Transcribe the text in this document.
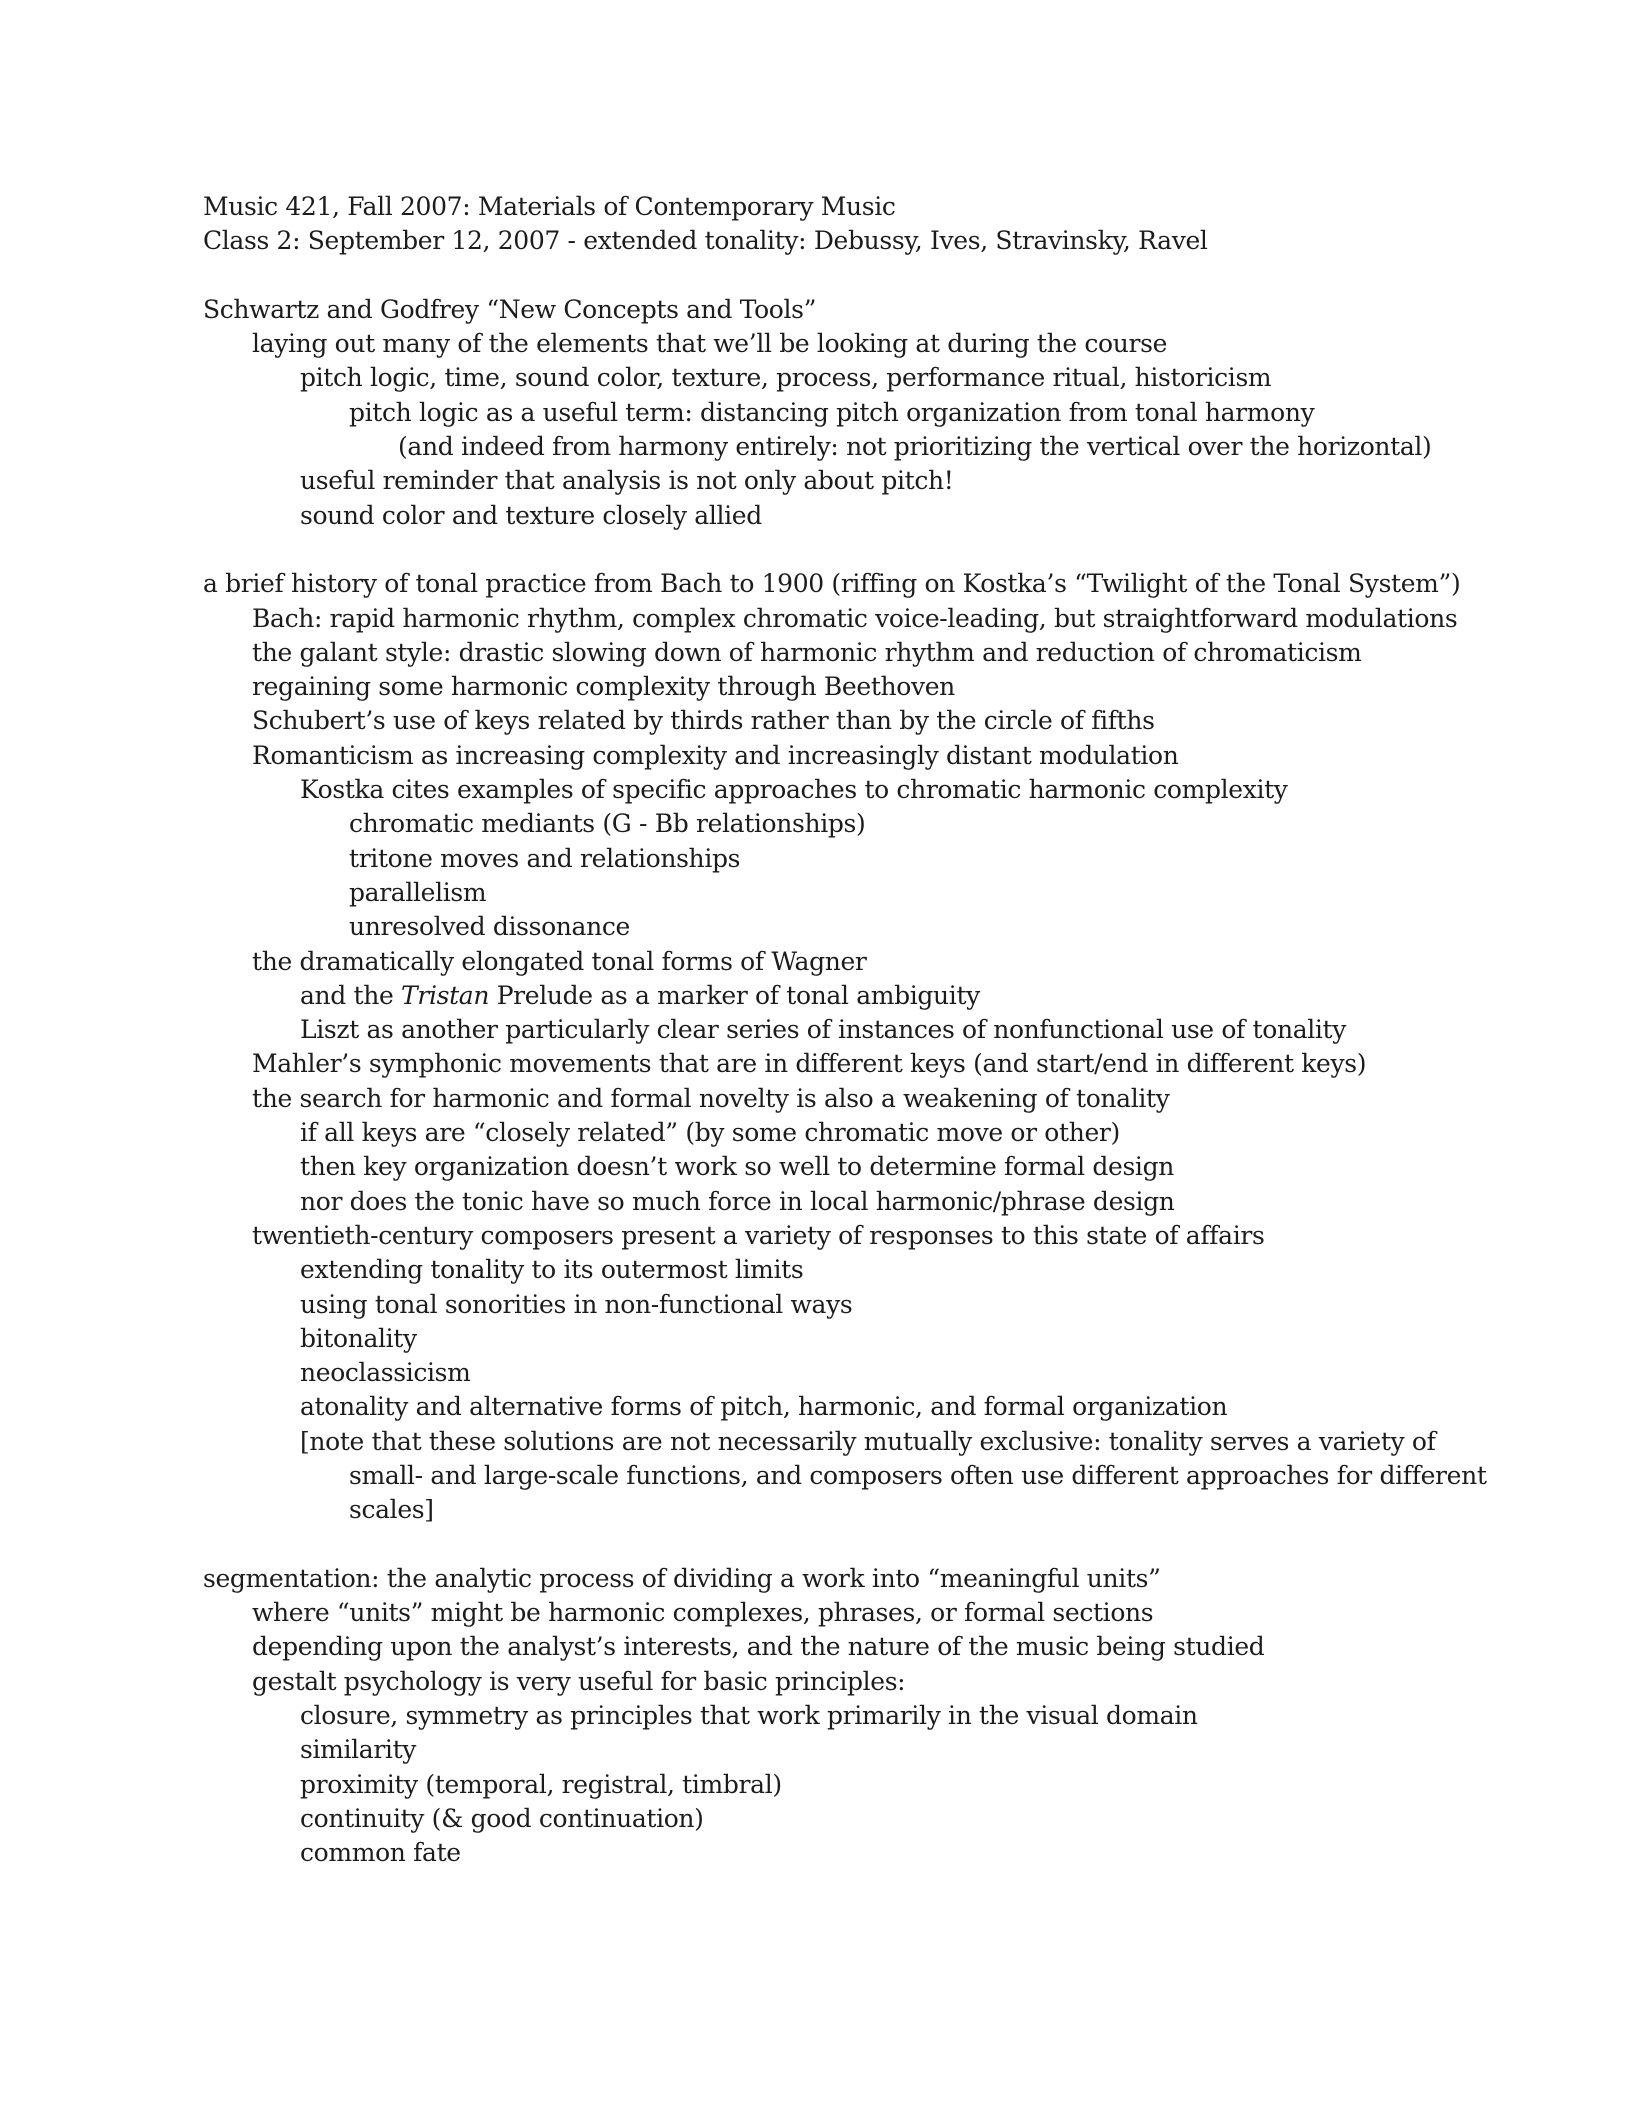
Music 421, Fall 2007: Materials of Contemporary Music
Class 2: September 12, 2007 - extended tonality: Debussy, Ives, Stravinsky, Ravel
Schwartz and Godfrey “New Concepts and Tools”
laying out many of the elements that we’ll be looking at during the course
pitch logic, time, sound color, texture, process, performance ritual, historicism
pitch logic as a useful term: distancing pitch organization from tonal harmony
(and indeed from harmony entirely: not prioritizing the vertical over the horizontal)
useful reminder that analysis is not only about pitch!
sound color and texture closely allied
a brief history of tonal practice from Bach to 1900 (riffing on Kostka’s “Twilight of the Tonal System”)
Bach: rapid harmonic rhythm, complex chromatic voice-leading, but straightforward modulations
the galant style: drastic slowing down of harmonic rhythm and reduction of chromaticism
regaining some harmonic complexity through Beethoven
Schubert’s use of keys related by thirds rather than by the circle of fifths
Romanticism as increasing complexity and increasingly distant modulation
Kostka cites examples of specific approaches to chromatic harmonic complexity
chromatic mediants (G - Bb relationships)
tritone moves and relationships
parallelism
unresolved dissonance
the dramatically elongated tonal forms of Wagner
and the Tristan Prelude as a marker of tonal ambiguity
Liszt as another particularly clear series of instances of nonfunctional use of tonality
Mahler’s symphonic movements that are in different keys (and start/end in different keys)
the search for harmonic and formal novelty is also a weakening of tonality
if all keys are “closely related” (by some chromatic move or other)
then key organization doesn’t work so well to determine formal design
nor does the tonic have so much force in local harmonic/phrase design
twentieth-century composers present a variety of responses to this state of affairs
extending tonality to its outermost limits
using tonal sonorities in non-functional ways
bitonality
neoclassicism
atonality and alternative forms of pitch, harmonic, and formal organization
[note that these solutions are not necessarily mutually exclusive: tonality serves a variety of
small- and large-scale functions, and composers often use different approaches for different
scales]
segmentation: the analytic process of dividing a work into “meaningful units”
where “units” might be harmonic complexes, phrases, or formal sections
depending upon the analyst’s interests, and the nature of the music being studied
gestalt psychology is very useful for basic principles:
closure, symmetry as principles that work primarily in the visual domain
similarity
proximity (temporal, registral, timbral)
continuity (& good continuation)
common fate
